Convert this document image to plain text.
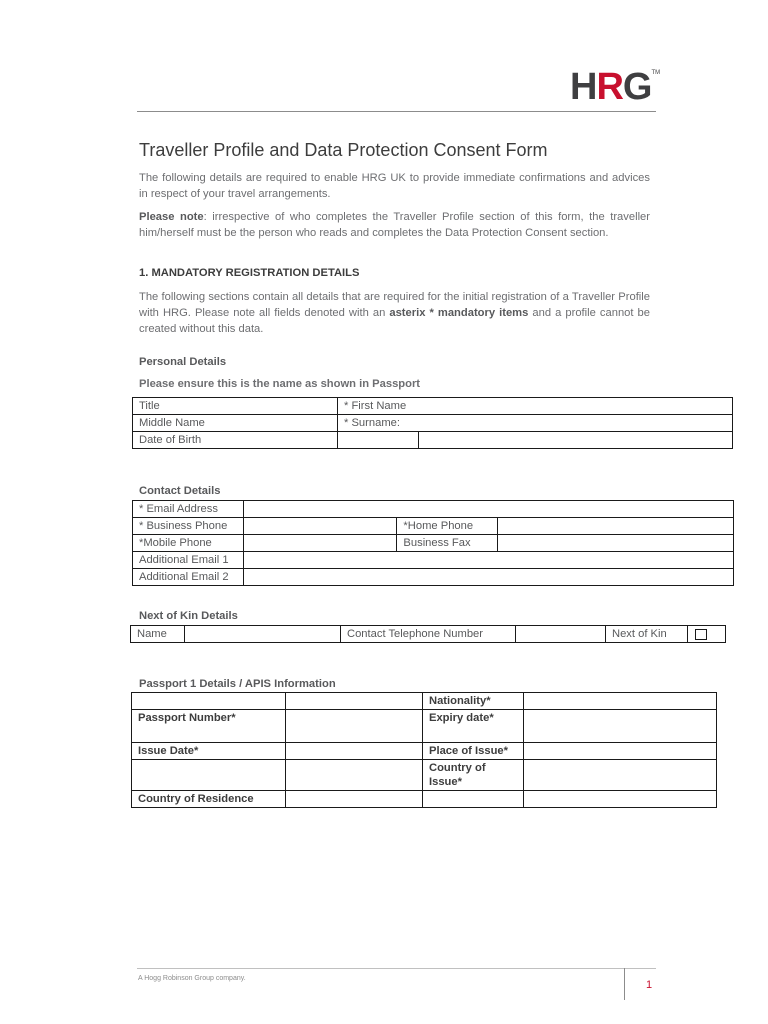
HRG™
Traveller Profile and Data Protection Consent Form
The following details are required to enable HRG UK to provide immediate confirmations and advices in respect of your travel arrangements.
Please note: irrespective of who completes the Traveller Profile section of this form, the traveller him/herself must be the person who reads and completes the Data Protection Consent section.
1. MANDATORY REGISTRATION DETAILS
The following sections contain all details that are required for the initial registration of a Traveller Profile with HRG. Please note all fields denoted with an asterix * mandatory items and a profile cannot be created without this data.
Personal Details
Please ensure this is the name as shown in Passport
Title	* First Name	
Middle Name	* Surname:	
Date of Birth		
Contact Details
* Email Address			
* Business Phone		*Home Phone	
*Mobile Phone		Business Fax	
Additional Email 1			
Additional Email 2			
Next of Kin Details
Name		Contact Telephone Number		Next of Kin	
Passport 1 Details / APIS Information
		Nationality*	
Passport Number*		Expiry date*	
Issue Date*		Place of Issue*	
		Country of
Issue*	
Country of Residence			
A Hogg Robinson Group company.
1
